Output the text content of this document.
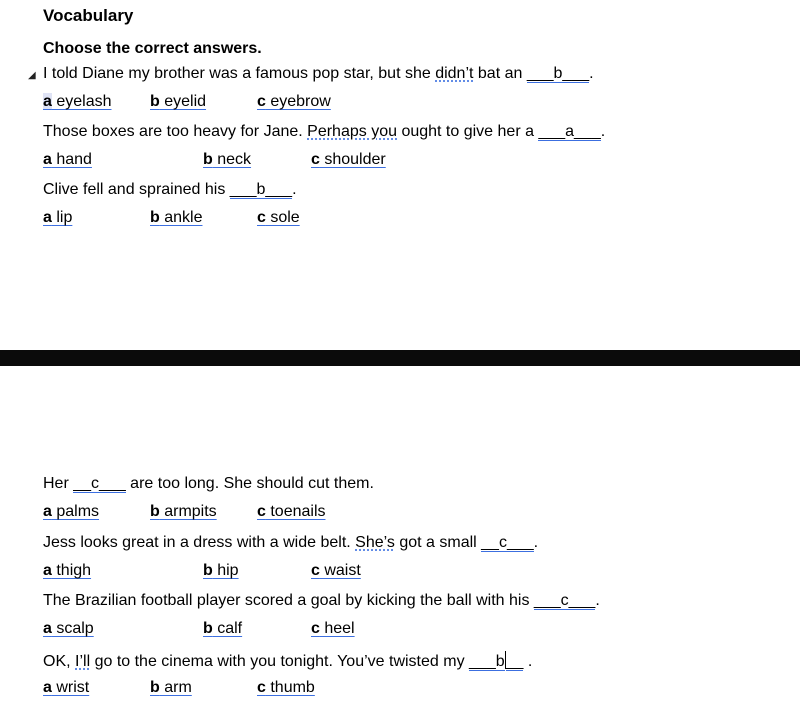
Vocabulary
Choose the correct answers.
◢ I told Diane my brother was a famous pop star, but she didn’t bat an ___b___.
a eyelash b eyelid	c eyebrow
Those boxes are too heavy for Jane. Perhaps you ought to give her a ___a___.
a hand	b neck	c shoulder
Clive fell and sprained his ___b___.
a lip	b ankle	c sole
Her __c___ are too long. She should cut them.
a palms	b armpits	c toenails
Jess looks great in a dress with a wide belt. She’s got a small __c___.
a thigh	b hip	c waist
The Brazilian football player scored a goal by kicking the ball with his ___c___.
a scalp	b calf	c heel
OK, I’ll go to the cinema with you tonight. You’ve twisted my ___b__ .
a wrist	b arm	c thumb
